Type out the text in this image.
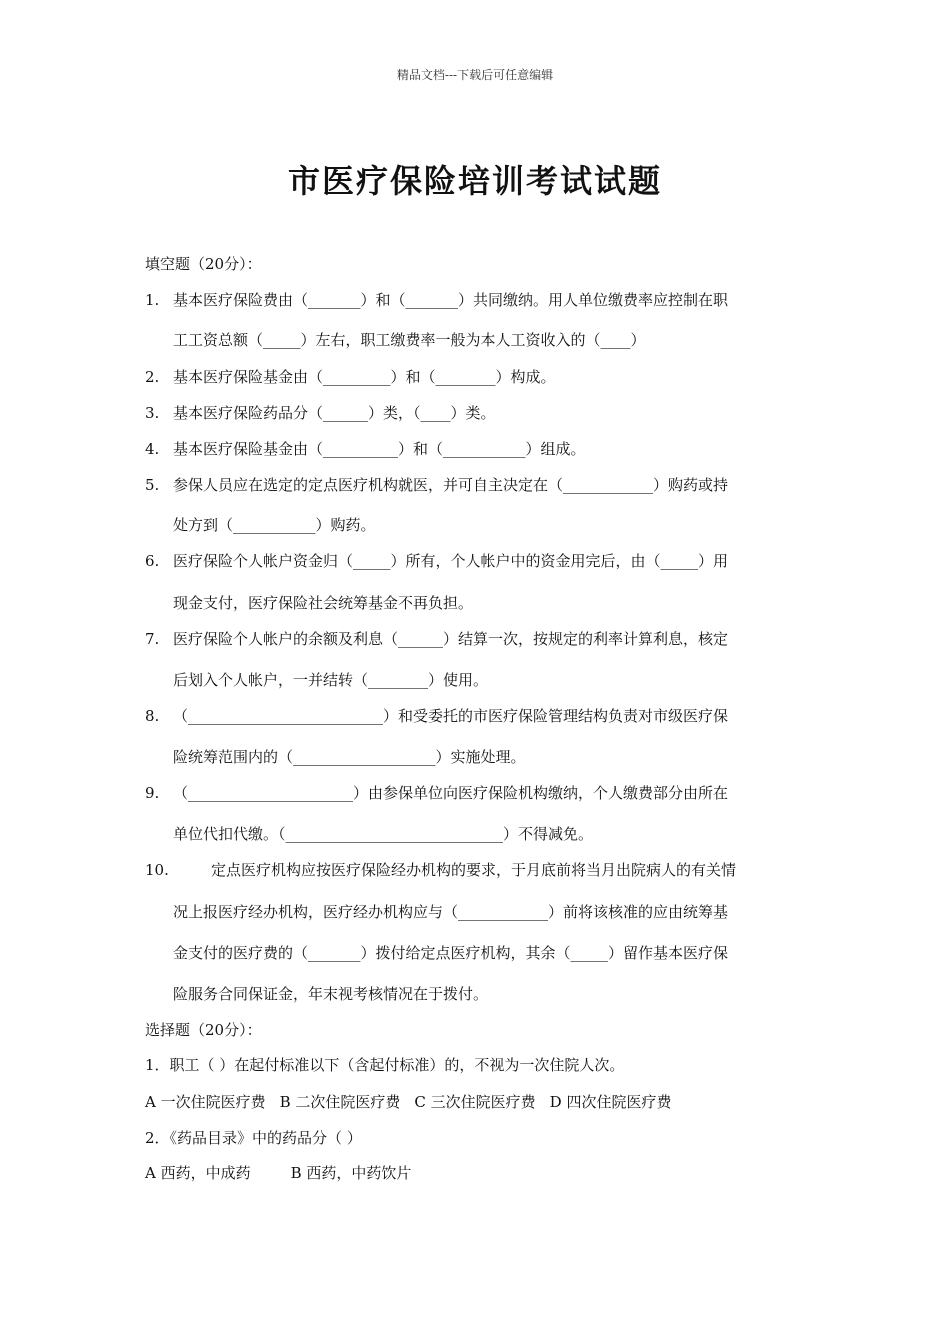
精品文档---下载后可任意编辑
市医疗保险培训考试试题
填空题（20分）：
1. 基本医疗保险费由（_______）和（_______）共同缴纳。用人单位缴费率应控制在职
工工资总额（_____）左右，职工缴费率一般为本人工资收入的（____）
2. 基本医疗保险基金由（_________）和（________）构成。
3. 基本医疗保险药品分（______）类，（____）类。
4. 基本医疗保险基金由（__________）和（___________）组成。
5. 参保人员应在选定的定点医疗机构就医，并可自主决定在（____________）购药或持
处方到（___________）购药。
6. 医疗保险个人帐户资金归（_____）所有，个人帐户中的资金用完后，由（_____）用
现金支付，医疗保险社会统筹基金不再负担。
7. 医疗保险个人帐户的余额及利息（______）结算一次，按规定的利率计算利息，核定
后划入个人帐户，一并结转（________）使用。
8. （__________________________）和受委托的市医疗保险管理结构负责对市级医疗保
险统筹范围内的（___________________）实施处理。
9. （______________________）由参保单位向医疗保险机构缴纳，个人缴费部分由所在
单位代扣代缴。（_____________________________）不得减免。
10.	定点医疗机构应按医疗保险经办机构的要求，于月底前将当月出院病人的有关情
况上报医疗经办机构，医疗经办机构应与（____________）前将该核准的应由统筹基
金支付的医疗费的（_______）拨付给定点医疗机构，其余（_____）留作基本医疗保
险服务合同保证金，年末视考核情况在于拨付。
选择题（20分）：
1．职工（ ）在起付标准以下（含起付标准）的，不视为一次住院人次。
A 一次住院医疗费 B 二次住院医疗费 C 三次住院医疗费 D 四次住院医疗费
2．《药品目录》中的药品分（ ）
A 西药，中成药	B 西药，中药饮片
